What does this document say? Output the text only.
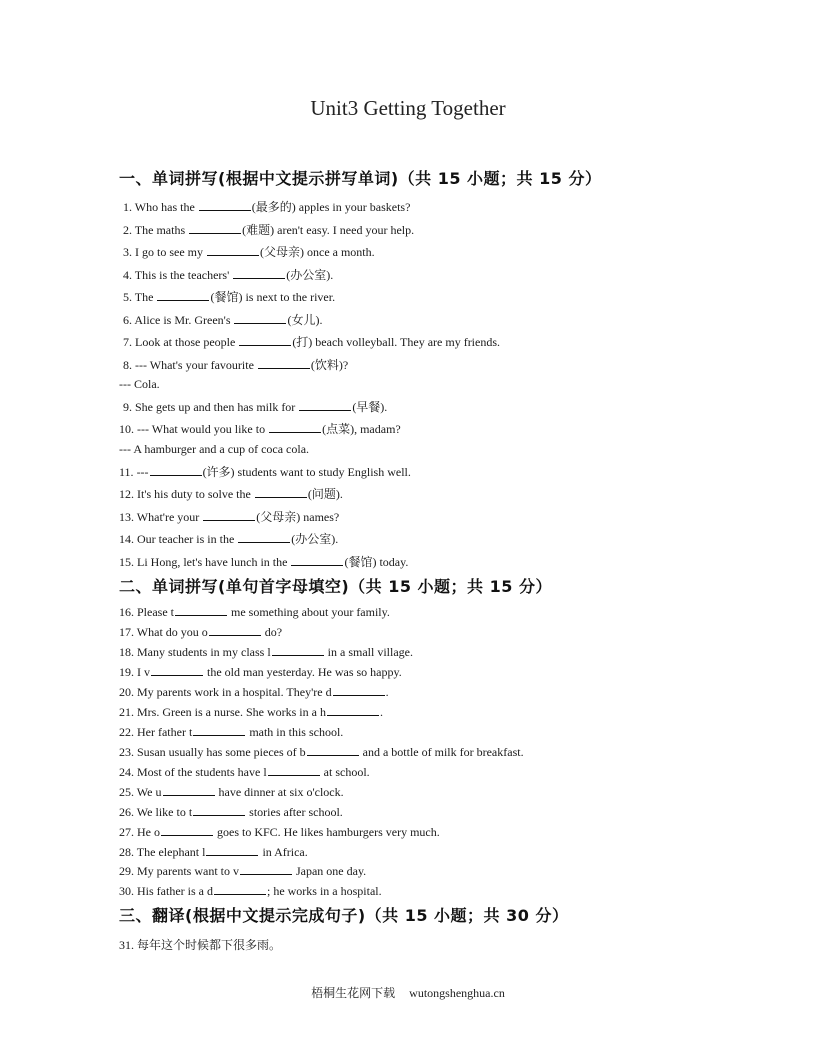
Unit3 Getting Together
一、单词拼写(根据中文提示拼写单词)（共 15 小题；共 15 分）
1. Who has the	(最多的) apples in your baskets?
2. The maths	(难题) aren't easy. I need your help.
3. I go to see my	(父母亲) once a month.
4. This is the teachers'	(办公室).
5. The	(餐馆) is next to the river.
6. Alice is Mr. Green's	(女儿).
7. Look at those people	(打) beach volleyball. They are my friends.
8. --- What's your favourite	(饮料)?
--- Cola.
9. She gets up and then has milk for	(早餐).
10. --- What would you like to	(点菜), madam?
--- A hamburger and a cup of coca cola.
11. ---	(许多) students want to study English well.
12. It's his duty to solve the	(问题).
13. What're your	(父母亲) names?
14. Our teacher is in the	(办公室).
15. Li Hong, let's have lunch in the	(餐馆) today.
二、单词拼写(单句首字母填空)（共 15 小题；共 15 分）
16. Please t	me something about your family.
17. What do you o	do?
18. Many students in my class l	in a small village.
19. I v	the old man yesterday. He was so happy.
20. My parents work in a hospital. They're d	.
21. Mrs. Green is a nurse. She works in a h	.
22. Her father t	math in this school.
23. Susan usually has some pieces of b	and a bottle of milk for breakfast.
24. Most of the students have l	at school.
25. We u	have dinner at six o'clock.
26. We like to t	stories after school.
27. He o	goes to KFC. He likes hamburgers very much.
28. The elephant l	in Africa.
29. My parents want to v	Japan one day.
30. His father is a d	; he works in a hospital.
三、翻译(根据中文提示完成句子)（共 15 小题；共 30 分）
31. 每年这个时候都下很多雨。
梧桐生花网下载 wutongshenghua.cn
